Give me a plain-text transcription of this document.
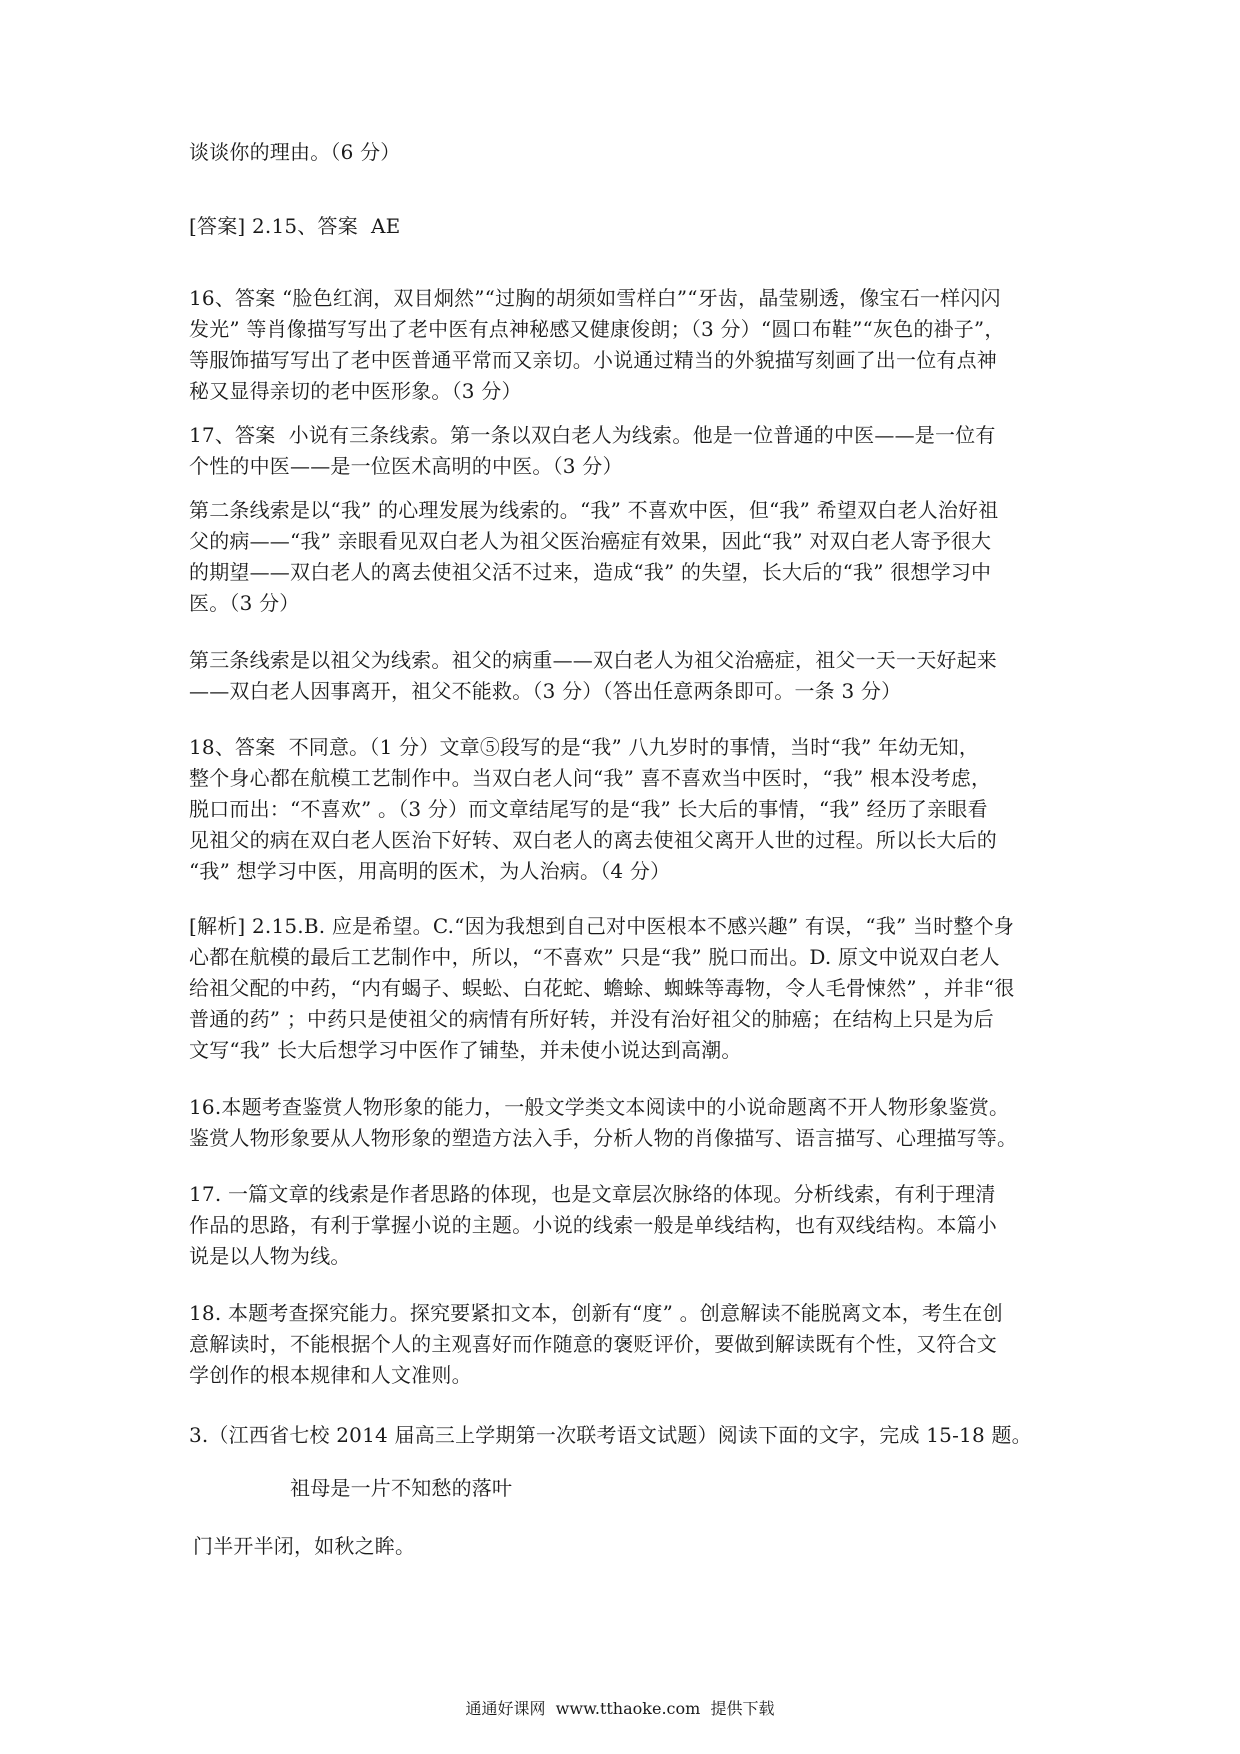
谈谈你的理由。（6 分）
[答案] 2.15、答案  AE
16、答案 “脸色红润，双目炯然”“过胸的胡须如雪样白”“牙齿，晶莹剔透，像宝石一样闪闪
发光” 等肖像描写写出了老中医有点神秘感又健康俊朗；（3 分）“圆口布鞋”“灰色的褂子”，
等服饰描写写出了老中医普通平常而又亲切。小说通过精当的外貌描写刻画了出一位有点神
秘又显得亲切的老中医形象。（3 分）
17、答案  小说有三条线索。第一条以双白老人为线索。他是一位普通的中医——是一位有
个性的中医——是一位医术高明的中医。（3 分）
第二条线索是以“我” 的心理发展为线索的。“我” 不喜欢中医，但“我” 希望双白老人治好祖
父的病——“我” 亲眼看见双白老人为祖父医治癌症有效果，因此“我” 对双白老人寄予很大
的期望——双白老人的离去使祖父活不过来，造成“我” 的失望，长大后的“我” 很想学习中
医。（3 分）
第三条线索是以祖父为线索。祖父的病重——双白老人为祖父治癌症，祖父一天一天好起来
——双白老人因事离开，祖父不能救。（3 分）（答出任意两条即可。一条 3 分）
18、答案  不同意。（1 分）文章⑤段写的是“我” 八九岁时的事情，当时“我” 年幼无知，
整个身心都在航模工艺制作中。当双白老人问“我” 喜不喜欢当中医时，“我” 根本没考虑，
脱口而出：“不喜欢” 。（3 分）而文章结尾写的是“我” 长大后的事情，“我” 经历了亲眼看
见祖父的病在双白老人医治下好转、双白老人的离去使祖父离开人世的过程。所以长大后的
“我” 想学习中医，用高明的医术，为人治病。（4 分）
[解析] 2.15.B. 应是希望。C.“因为我想到自己对中医根本不感兴趣” 有误，“我” 当时整个身
心都在航模的最后工艺制作中，所以，“不喜欢” 只是“我” 脱口而出。D. 原文中说双白老人
给祖父配的中药，“内有蝎子、蜈蚣、白花蛇、蟾蜍、蜘蛛等毒物，令人毛骨悚然” ，并非“很
普通的药” ；中药只是使祖父的病情有所好转，并没有治好祖父的肺癌；在结构上只是为后
文写“我” 长大后想学习中医作了铺垫，并未使小说达到高潮。
16.本题考查鉴赏人物形象的能力，一般文学类文本阅读中的小说命题离不开人物形象鉴赏。
鉴赏人物形象要从人物形象的塑造方法入手，分析人物的肖像描写、语言描写、心理描写等。
17. 一篇文章的线索是作者思路的体现，也是文章层次脉络的体现。分析线索，有利于理清
作品的思路，有利于掌握小说的主题。小说的线索一般是单线结构，也有双线结构。本篇小
说是以人物为线。
18. 本题考查探究能力。探究要紧扣文本，创新有“度” 。创意解读不能脱离文本，考生在创
意解读时，不能根据个人的主观喜好而作随意的褒贬评价，要做到解读既有个性，又符合文
学创作的根本规律和人文准则。
3.（江西省七校 2014 届高三上学期第一次联考语文试题）阅读下面的文字，完成 15-18 题。
祖母是一片不知愁的落叶
门半开半闭，如秋之眸。
通通好课网  www.tthaoke.com  提供下载
